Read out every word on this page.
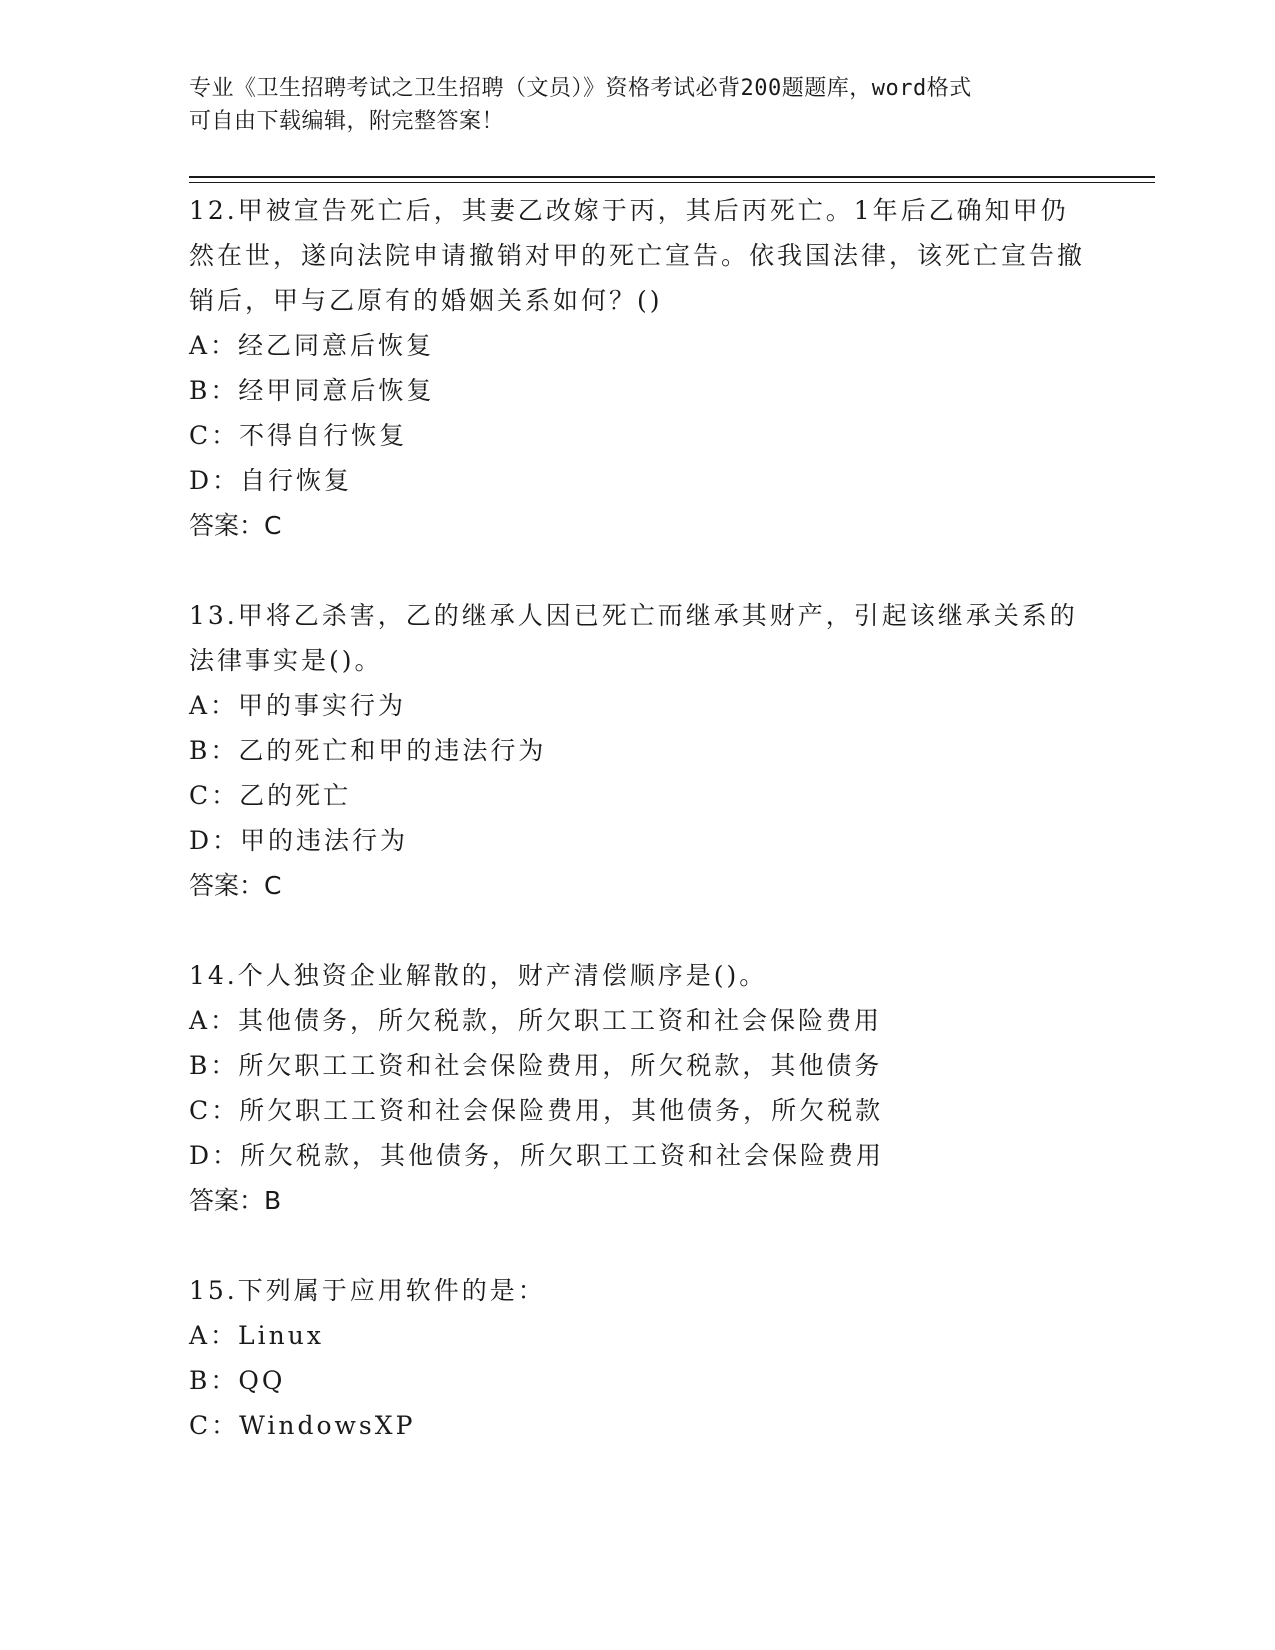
专业《卫生招聘考试之卫生招聘（文员）》资格考试必背200题题库，word格式
可自由下载编辑，附完整答案！

12.甲被宣告死亡后，其妻乙改嫁于丙，其后丙死亡。1年后乙确知甲仍然在世，遂向法院申请撤销对甲的死亡宣告。依我国法律，该死亡宣告撤销后，甲与乙原有的婚姻关系如何？()

A：经乙同意后恢复
B：经甲同意后恢复
C：不得自行恢复
D：自行恢复
答案：C

13.甲将乙杀害，乙的继承人因已死亡而继承其财产，引起该继承关系的法律事实是()。

A：甲的事实行为
B：乙的死亡和甲的违法行为
C：乙的死亡
D：甲的违法行为
答案：C

14.个人独资企业解散的，财产清偿顺序是()。

A：其他债务，所欠税款，所欠职工工资和社会保险费用
B：所欠职工工资和社会保险费用，所欠税款，其他债务
C：所欠职工工资和社会保险费用，其他债务，所欠税款
D：所欠税款，其他债务，所欠职工工资和社会保险费用
答案：B

15.下列属于应用软件的是：

A：Linux
B：QQ
C：WindowsXP
